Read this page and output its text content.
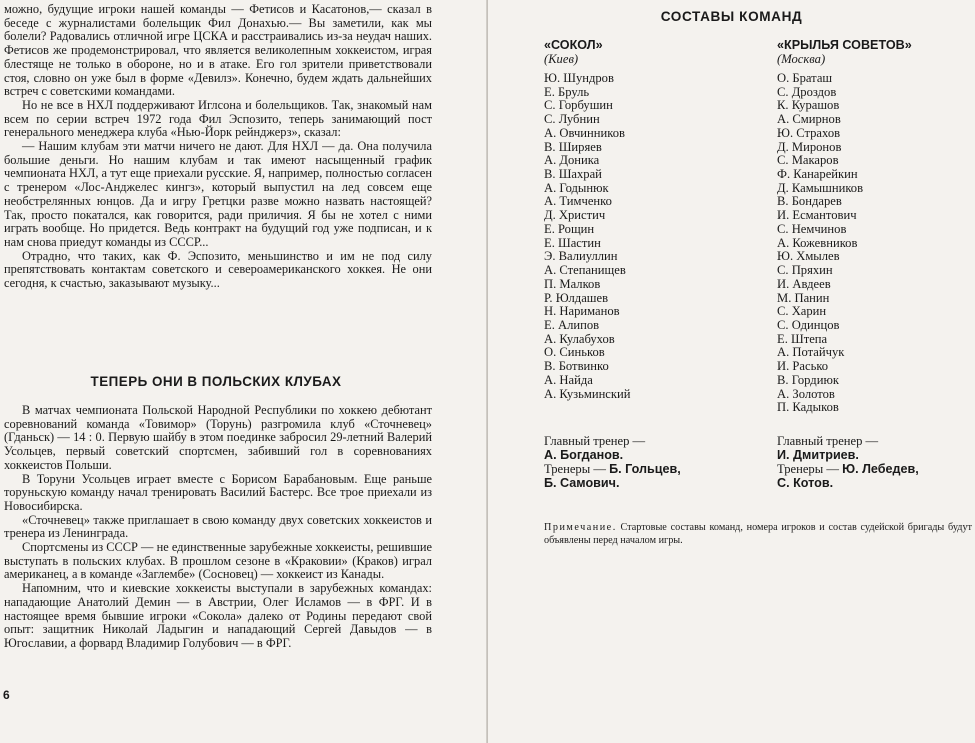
можно, будущие игроки нашей команды — Фетисов и Касатонов,— сказал в беседе с журналистами болельщик Фил Донахью.— Вы заметили, как мы болели? Радовались отличной игре ЦСКА и расстраивались из-за неудач наших. Фетисов же продемонстрировал, что является великолепным хоккеистом, играя блестяще не только в обороне, но и в атаке. Его гол зрители приветствовали стоя, словно он уже был в форме «Девилз». Конечно, будем ждать дальнейших встреч с советскими командами.

Но не все в НХЛ поддерживают Иглсона и болельщиков. Так, знакомый нам всем по серии встреч 1972 года Фил Эспозито, теперь занимающий пост генерального менеджера клуба «Нью-Йорк рейнджерз», сказал:

— Нашим клубам эти матчи ничего не дают. Для НХЛ — да. Она получила большие деньги. Но нашим клубам и так имеют насыщенный график чемпионата НХЛ, а тут еще приехали русские. Я, например, полностью согласен с тренером «Лос-Анджелес кингз», который выпустил на лед совсем еще необстрелянных юнцов. Да и игру Гретцки разве можно назвать настоящей? Так, просто покатался, как говорится, ради приличия. Я бы не хотел с ними играть вообще. Но придется. Ведь контракт на будущий год уже подписан, и к нам снова приедут команды из СССР...

Отрадно, что таких, как Ф. Эспозито, меньшинство и им не под силу препятствовать контактам советского и североамериканского хоккея. Не они сегодня, к счастью, заказывают музыку...

ТЕПЕРЬ ОНИ В ПОЛЬСКИХ КЛУБАХ

В матчах чемпионата Польской Народной Республики по хоккею дебютант соревнований команда «Товимор» (Торунь) разгромила клуб «Сточневец» (Гданьск) — 14 : 0. Первую шайбу в этом поединке забросил 29-летний Валерий Усольцев, первый советский спортсмен, забивший гол в соревнованиях хоккеистов Польши.

В Торуни Усольцев играет вместе с Борисом Барабановым. Еще раньше торуньскую команду начал тренировать Василий Бастерс. Все трое приехали из Новосибирска.

«Сточневец» также приглашает в свою команду двух советских хоккеистов и тренера из Ленинграда.

Спортсмены из СССР — не единственные зарубежные хоккеисты, решившие выступать в польских клубах. В прошлом сезоне в «Краковии» (Краков) играл американец, а в команде «Заглембе» (Сосновец) — хоккеист из Канады.

Напомним, что и киевские хоккеисты выступали в зарубежных командах: нападающие Анатолий Демин — в Австрии, Олег Исламов — в ФРГ. И в настоящее время бывшие игроки «Сокола» далеко от Родины передают свой опыт: защитник Николай Ладыгин и нападающий Сергей Давыдов — в Югославии, а форвард Владимир Голубович — в ФРГ.

6
СОСТАВЫ КОМАНД

«СОКОЛ»

(Киев)

Ю. Шундров
Е. Бруль
С. Горбушин
С. Лубнин
А. Овчинников
В. Ширяев
А. Доника
В. Шахрай
А. Годынюк
А. Тимченко
Д. Христич
Е. Рощин
Е. Шастин
Э. Валиуллин
А. Степанищев
П. Малков
Р. Юлдашев
Н. Нариманов
Е. Алипов
А. Кулабухов
О. Синьков
В. Ботвинко
А. Найда
А. Кузьминский

«КРЫЛЬЯ СОВЕТОВ»

(Москва)

О. Браташ
С. Дроздов
К. Курашов
А. Смирнов
Ю. Страхов
Д. Миронов
С. Макаров
Ф. Канарейкин
Д. Камышников
В. Бондарев
И. Есмантович
С. Немчинов
А. Кожевников
Ю. Хмылев
С. Пряхин
И. Авдеев
М. Панин
С. Харин
С. Одинцов
Е. Штепа
А. Потайчук
И. Расько
В. Гордиюк
А. Золотов
П. Кадыков
Главный тренер —
А. Богданов.
Тренеры — Б. Гольцев,
Б. Самович.
Главный тренер —
И. Дмитриев.
Тренеры — Ю. Лебедев,
С. Котов.

Примечание. Стартовые составы команд, номера игроков и состав судейской бригады будут объявлены перед началом игры.
